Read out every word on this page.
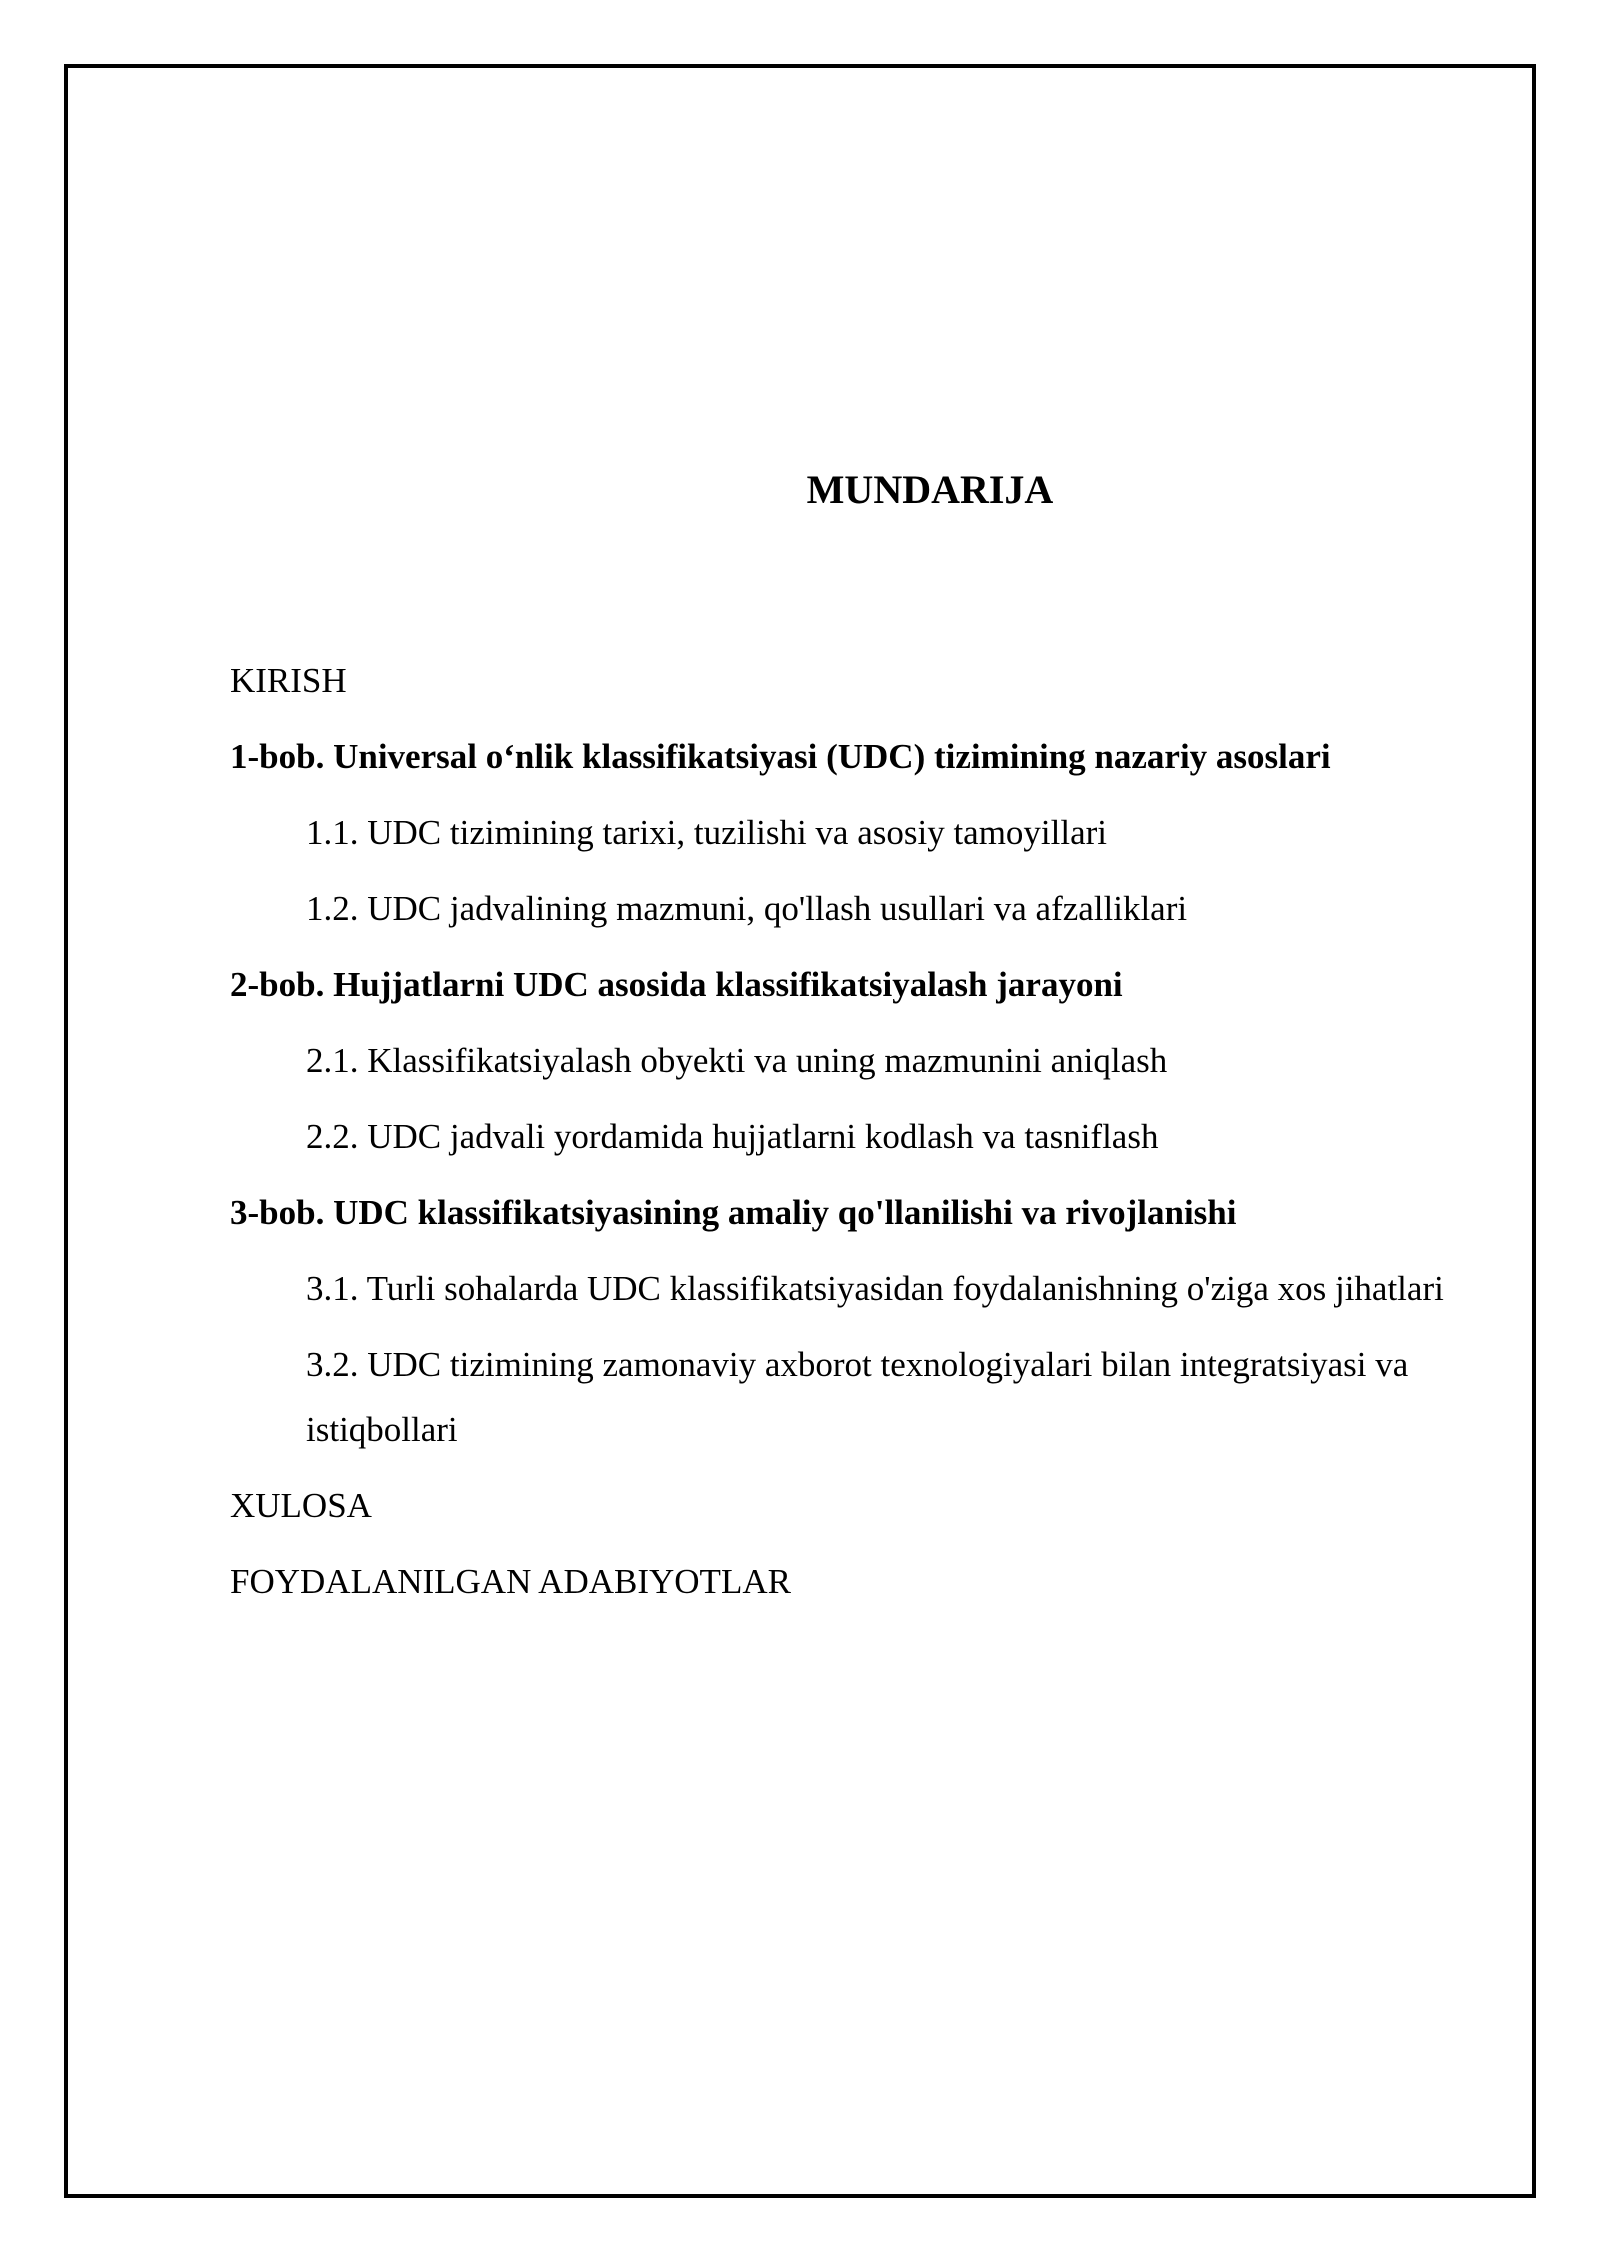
MUNDARIJA
KIRISH
1-bob. Universal o‘nlik klassifikatsiyasi (UDC) tizimining nazariy asoslari
1.1. UDC tizimining tarixi, tuzilishi va asosiy tamoyillari
1.2. UDC jadvalining mazmuni, qo'llash usullari va afzalliklari
2-bob. Hujjatlarni UDC asosida klassifikatsiyalash jarayoni
2.1. Klassifikatsiyalash obyekti va uning mazmunini aniqlash
2.2. UDC jadvali yordamida hujjatlarni kodlash va tasniflash
3-bob. UDC klassifikatsiyasining amaliy qo'llanilishi va rivojlanishi
3.1. Turli sohalarda UDC klassifikatsiyasidan foydalanishning o'ziga xos jihatlari
3.2. UDC tizimining zamonaviy axborot texnologiyalari bilan integratsiyasi va istiqbollari
XULOSA
FOYDALANILGAN ADABIYOTLAR
